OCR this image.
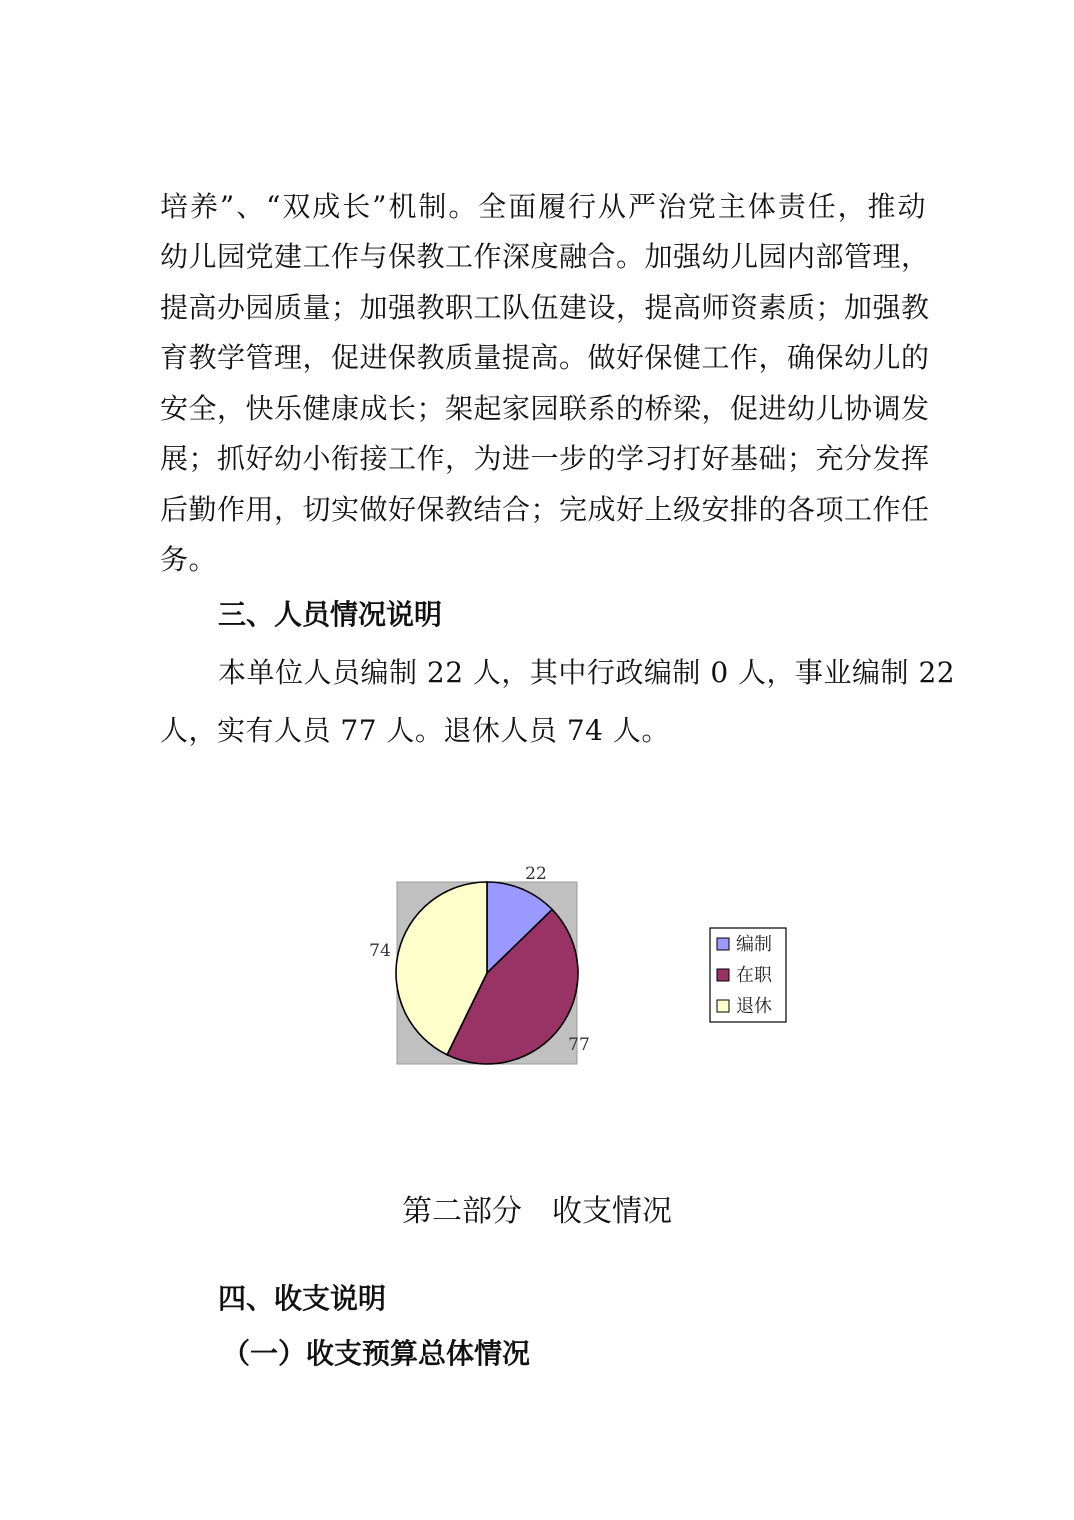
培养”、“双成长”机制。全面履行从严治党主体责任，推动
幼儿园党建工作与保教工作深度融合。加强幼儿园内部管理，
提高办园质量；加强教职工队伍建设，提高师资素质；加强教
育教学管理，促进保教质量提高。做好保健工作，确保幼儿的
安全，快乐健康成长；架起家园联系的桥梁，促进幼儿协调发
展；抓好幼小衔接工作，为进一步的学习打好基础；充分发挥
后勤作用，切实做好保教结合；完成好上级安排的各项工作任
务。
三、人员情况说明
本单位人员编制 22 人，其中行政编制 0 人，事业编制 22
人，实有人员 77 人。退休人员 74 人。
22
77
74	编制
在职
退休
第二部分　收支情况
四、收支说明
（一）收支预算总体情况
